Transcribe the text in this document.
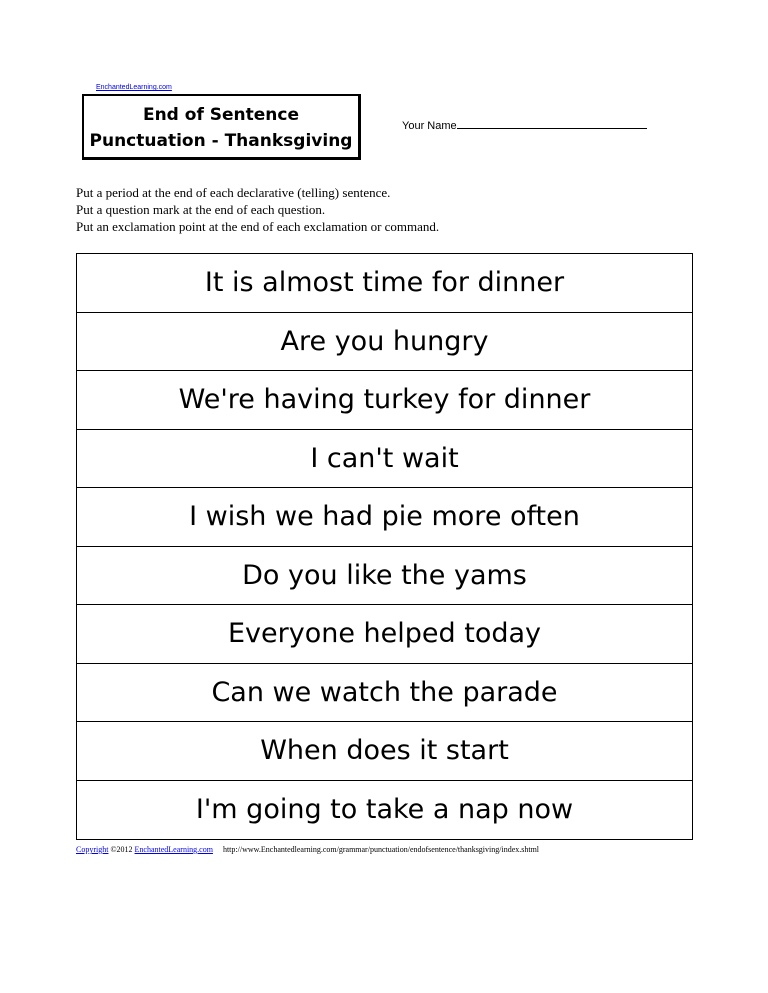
EnchantedLearning.com
End of Sentence
Punctuation - Thanksgiving
Your Name
Put a period at the end of each declarative (telling) sentence.
Put a question mark at the end of each question.
Put an exclamation point at the end of each exclamation or command.
It is almost time for dinner
Are you hungry
We're having turkey for dinner
I can't wait
I wish we had pie more often
Do you like the yams
Everyone helped today
Can we watch the parade
When does it start
I'm going to take a nap now
Copyright ©2012 EnchantedLearning.com http://www.Enchantedlearning.com/grammar/punctuation/endofsentence/thanksgiving/index.shtml
